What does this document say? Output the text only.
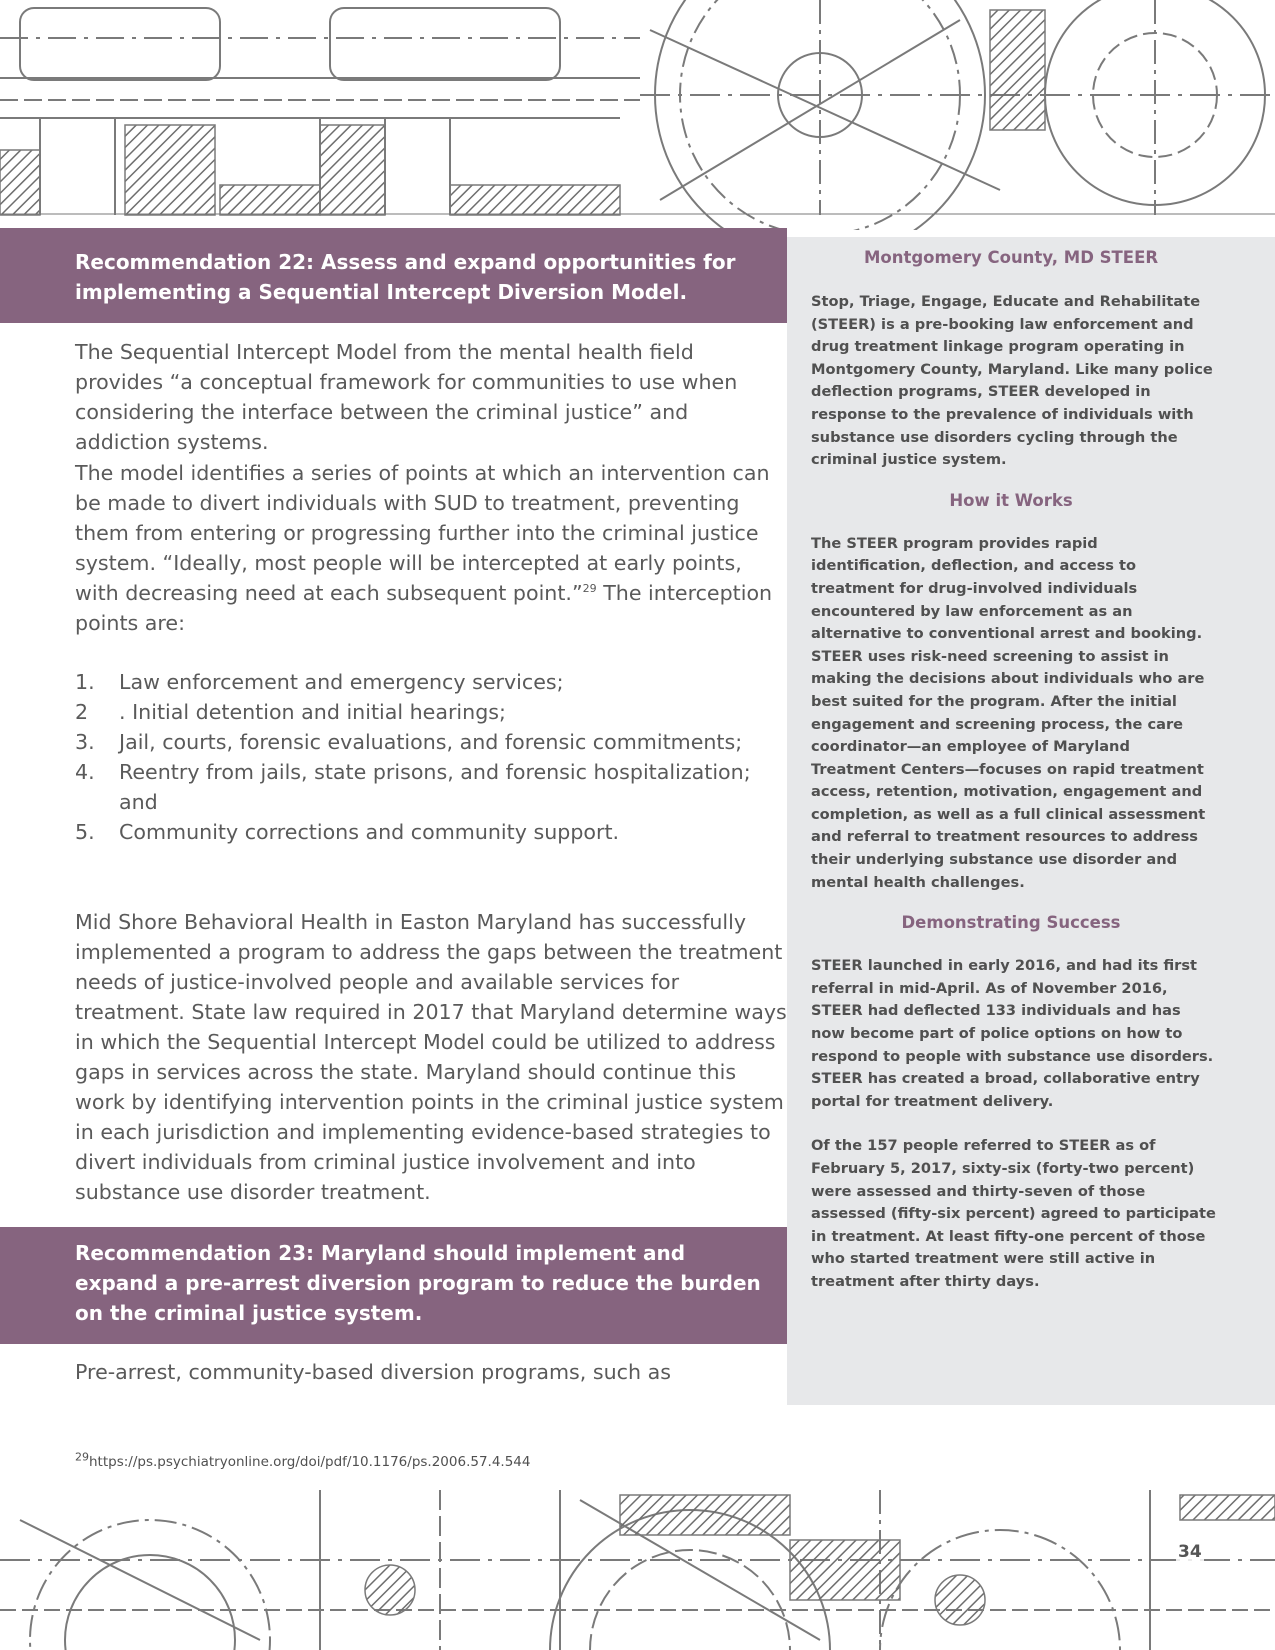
Recommendation 22: Assess and expand opportunities for implementing a Sequential Intercept Diversion Model.
Montgomery County, MD STEER

Stop, Triage, Engage, Educate and Rehabilitate (STEER) is a pre-booking law enforcement and drug treatment linkage program operating in Montgomery County, Maryland. Like many police deflection programs, STEER developed in response to the prevalence of individuals with substance use disorders cycling through the criminal justice system.

How it Works

The STEER program provides rapid identification, deflection, and access to treatment for drug-involved individuals encountered by law enforcement as an alternative to conventional arrest and booking. STEER uses risk-need screening to assist in making the decisions about individuals who are best suited for the program. After the initial engagement and screening process, the care coordinator—an employee of Maryland Treatment Centers—focuses on rapid treatment access, retention, motivation, engagement and completion, as well as a full clinical assessment and referral to treatment resources to address their underlying substance use disorder and mental health challenges.

Demonstrating Success

STEER launched in early 2016, and had its first referral in mid-April. As of November 2016, STEER had deflected 133 individuals and has now become part of police options on how to respond to people with substance use disorders. STEER has created a broad, collaborative entry portal for treatment delivery.

Of the 157 people referred to STEER as of February 5, 2017, sixty-six (forty-two percent) were assessed and thirty-seven of those assessed (fifty-six percent) agreed to participate in treatment. At least fifty-one percent of those who started treatment were still active in treatment after thirty days.

The Sequential Intercept Model from the mental health field provides “a conceptual framework for communities to use when considering the interface between the criminal justice” and addiction systems.

The model identifies a series of points at which an intervention can be made to divert individuals with SUD to treatment, preventing them from entering or progressing further into the criminal justice system. “Ideally, most people will be intercepted at early points, with decreasing need at each subsequent point.”$^{29}$ The interception points are:

1. Law enforcement and emergency services;
2 . Initial detention and initial hearings;
3. Jail, courts, forensic evaluations, and forensic commitments;
4. Reentry from jails, state prisons, and forensic hospitalization; and
5. Community corrections and community support.

Mid Shore Behavioral Health in Easton Maryland has successfully implemented a program to address the gaps between the treatment needs of justice-involved people and available services for treatment. State law required in 2017 that Maryland determine ways in which the Sequential Intercept Model could be utilized to address gaps in services across the state. Maryland should continue this work by identifying intervention points in the criminal justice system in each jurisdiction and implementing evidence-based strategies to divert individuals from criminal justice involvement and into substance use disorder treatment.

Recommendation 23: Maryland should implement and expand a pre-arrest diversion program to reduce the burden on the criminal justice system.

Pre-arrest, community-based diversion programs, such as

$^{29}$https://ps.psychiatryonline.org/doi/pdf/10.1176/ps.2006.57.4.544
34
